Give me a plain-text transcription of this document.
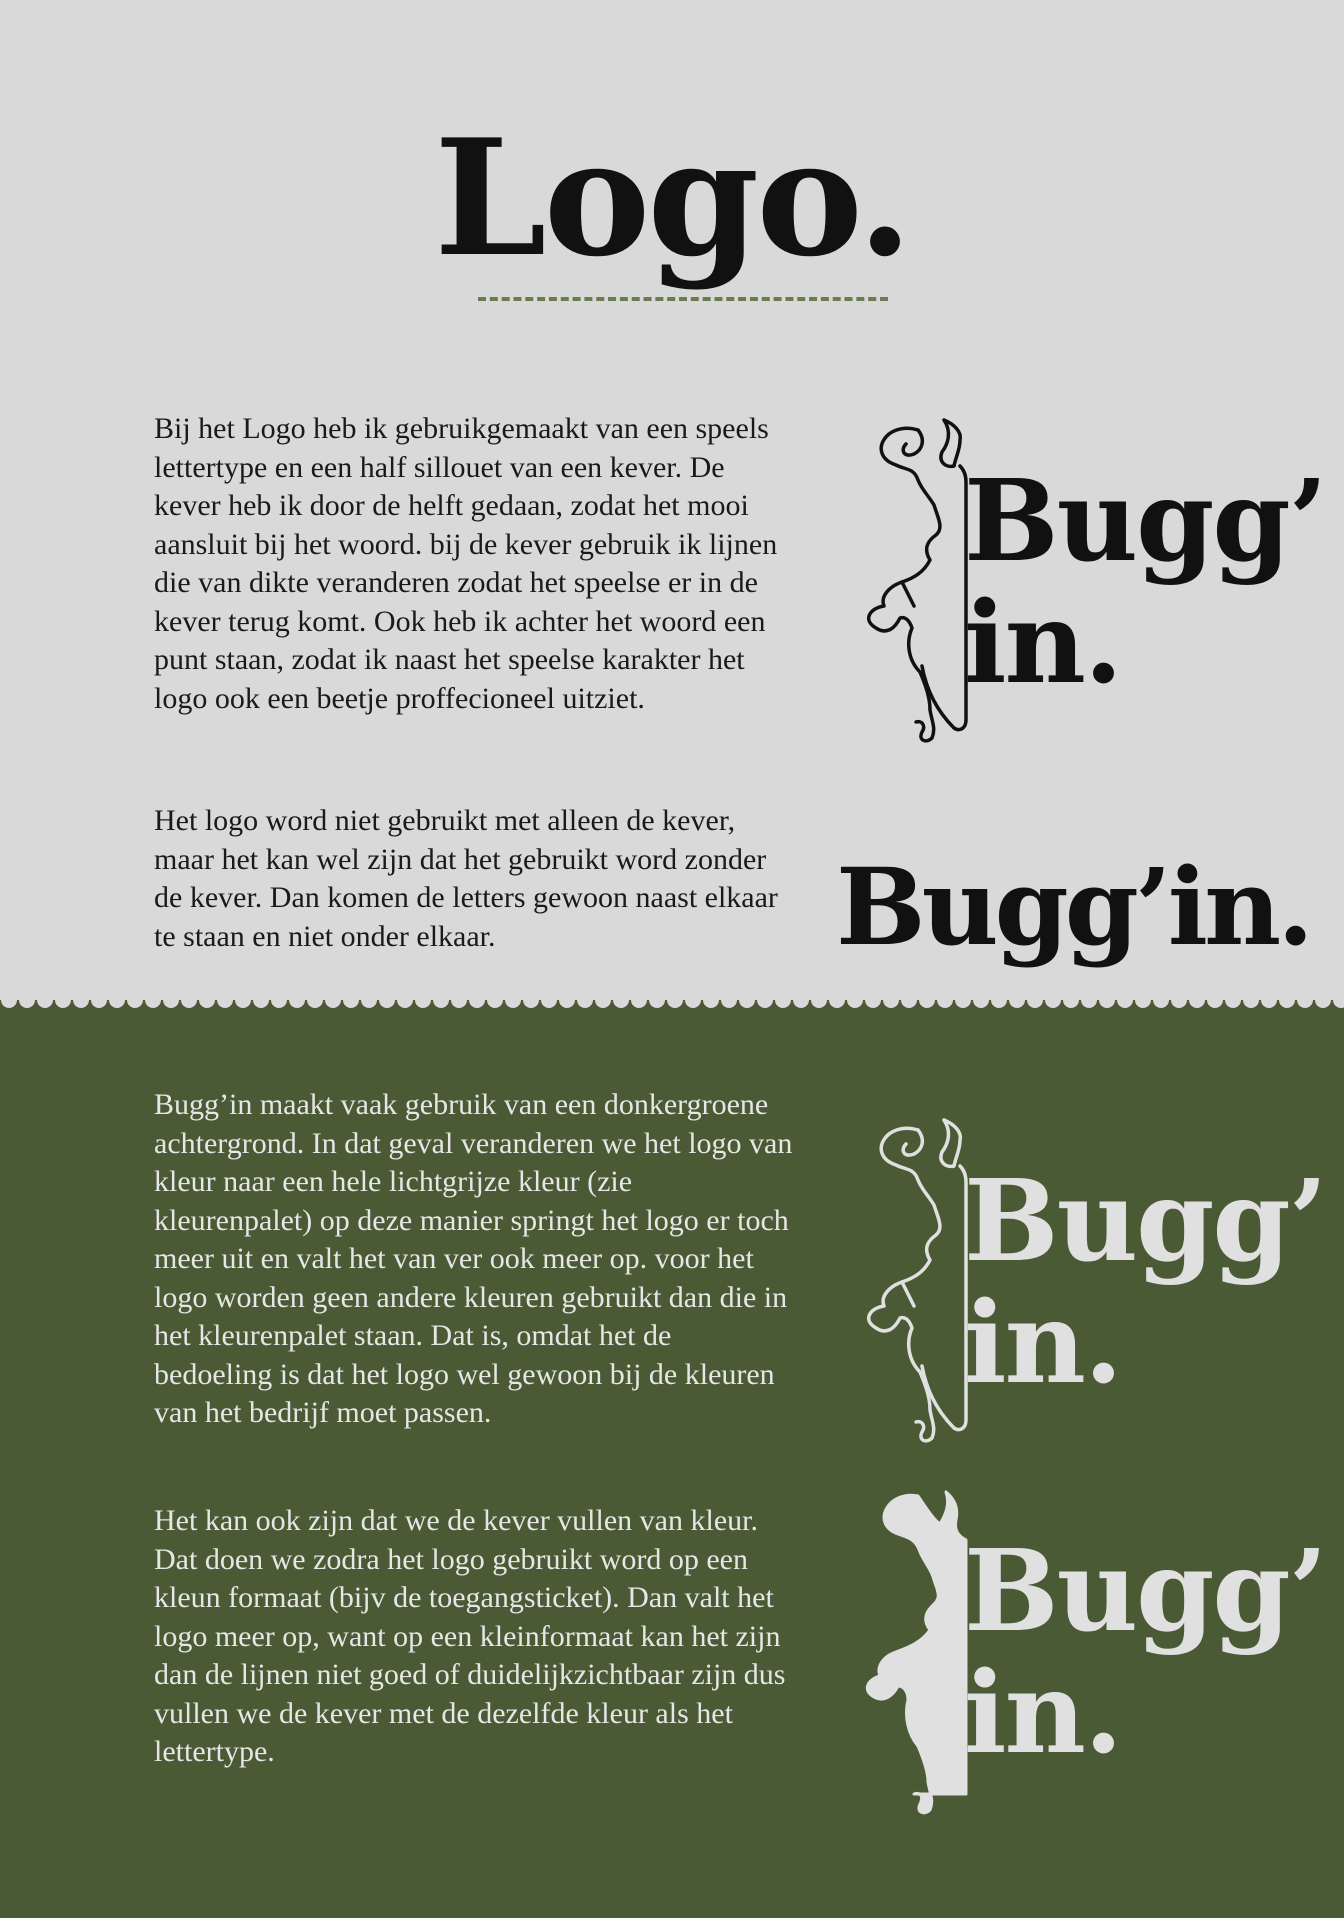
Logo.

Bij het Logo heb ik gebruikgemaakt van een speels lettertype en een half sillouet van een kever. De kever heb ik door de helft gedaan, zodat het mooi aansluit bij het woord. bij de kever gebruik ik lijnen die van dikte veranderen zodat het speelse er in de kever terug komt. Ook heb ik achter het woord een punt staan, zodat ik naast het speelse karakter het logo ook een beetje proffecioneel uitziet.

Het logo word niet gebruikt met alleen de kever, maar het kan wel zijn dat het gebruikt word zonder de kever. Dan komen de letters gewoon naast elkaar te staan en niet onder elkaar.

Bugg’in maakt vaak gebruik van een donkergroene achtergrond. In dat geval veranderen we het logo van kleur naar een hele lichtgrijze kleur (zie kleurenpalet) op deze manier springt het logo er toch meer uit en valt het van ver ook meer op. voor het logo worden geen andere kleuren gebruikt dan die in het kleurenpalet staan. Dat is, omdat het de bedoeling is dat het logo wel gewoon bij de kleuren van het bedrijf moet passen.

Het kan ook zijn dat we de kever vullen van kleur. Dat doen we zodra het logo gebruikt word op een kleun formaat (bijv de toegangsticket). Dan valt het logo meer op, want op een kleinformaat kan het zijn dan de lijnen niet goed of duidelijkzichtbaar zijn dus vullen we de kever met de dezelfde kleur als het lettertype.

Bugg’
in.
Bugg’in.
Bugg’
in.
Bugg’
in.
